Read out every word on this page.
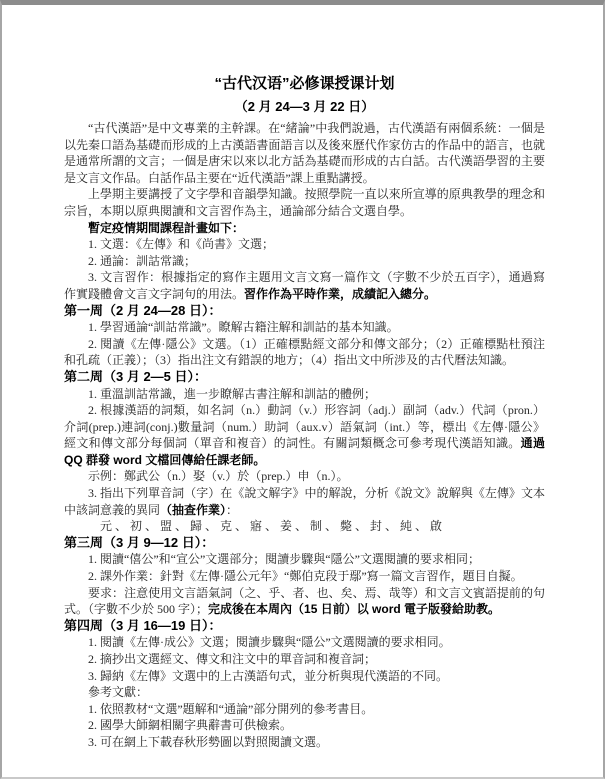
“古代汉语”必修课授课计划

（2 月 24—3 月 22 日）

“古代漢語”是中文專業的主幹課。在“緒論”中我們說過，古代漢語有兩個系統：一個是以先秦口語為基礎而形成的上古漢語書面語言以及後來歷代作家仿古的作品中的語言，也就是通常所謂的文言；一個是唐宋以來以北方話為基礎而形成的古白話。古代漢語學習的主要是文言文作品。白話作品主要在“近代漢語”課上重點講授。

上學期主要講授了文字學和音韻學知識。按照學院一直以來所宣導的原典教學的理念和宗旨，本期以原典閱讀和文言習作為主，通論部分結合文選自學。

暫定疫情期間課程計畫如下：

1. 文選：《左傳》和《尚書》文選；

2. 通論：訓詁常識；

3. 文言習作：根據指定的寫作主題用文言文寫一篇作文（字數不少於五百字），通過寫作實踐體會文言文字詞句的用法。習作作為平時作業，成績記入總分。

第一周（2 月 24—28 日）：

1. 學習通論“訓詁常識”。瞭解古籍注解和訓詁的基本知識。

2. 閱讀《左傳·隱公》文選。（1）正確標點經文部分和傳文部分；（2）正確標點杜預注和孔疏（正義）；（3）指出注文有錯誤的地方；（4）指出文中所涉及的古代曆法知識。

第二周（3 月 2—5 日）：

1. 重溫訓詁常識，進一步瞭解古書注解和訓詁的體例；

2. 根據漢語的詞類，如名詞（n.）動詞（v.）形容詞（adj.）副詞（adv.）代詞（pron.）介詞(prep.)連詞(conj.)數量詞（num.）助詞（aux.v）語氣詞（int.）等，標出《左傳·隱公》經文和傳文部分每個詞（單音和複音）的詞性。有關詞類概念可參考現代漢語知識。通過 QQ 群發 word 文檔回傳給任課老師。

示例：鄭武公（n.）娶（v.）於（prep.）申（n.）。

3. 指出下列單音詞（字）在《說文解字》中的解說，分析《說文》說解與《左傳》文本中該詞意義的異同（抽查作業）：

元、初、盟、歸、克、寤、姜、制、斃、封、純、啟

第三周（3 月 9—12 日）：

1. 閱讀“僖公”和“宣公”文選部分；閱讀步驟與“隱公”文選閱讀的要求相同；

2. 課外作業：針對《左傳·隱公元年》“鄭伯克段于鄢”寫一篇文言習作，題目自擬。

要求：注意使用文言語氣詞（之、乎、者、也、矣、焉、哉等）和文言文賓語提前的句式。（字數不少於 500 字）；完成後在本周內（15 日前）以 word 電子版發給助教。

第四周（3 月 16—19 日）：

1. 閱讀《左傳·成公》文選；閱讀步驟與“隱公”文選閱讀的要求相同。

2. 摘抄出文選經文、傳文和注文中的單音詞和複音詞；

3. 歸納《左傳》文選中的上古漢語句式，並分析與現代漢語的不同。

參考文獻：

1. 依照教材“文選”題解和“通論”部分開列的參考書目。

2. 國學大師網相關字典辭書可供檢索。

3. 可在網上下載春秋形勢圖以對照閱讀文選。
